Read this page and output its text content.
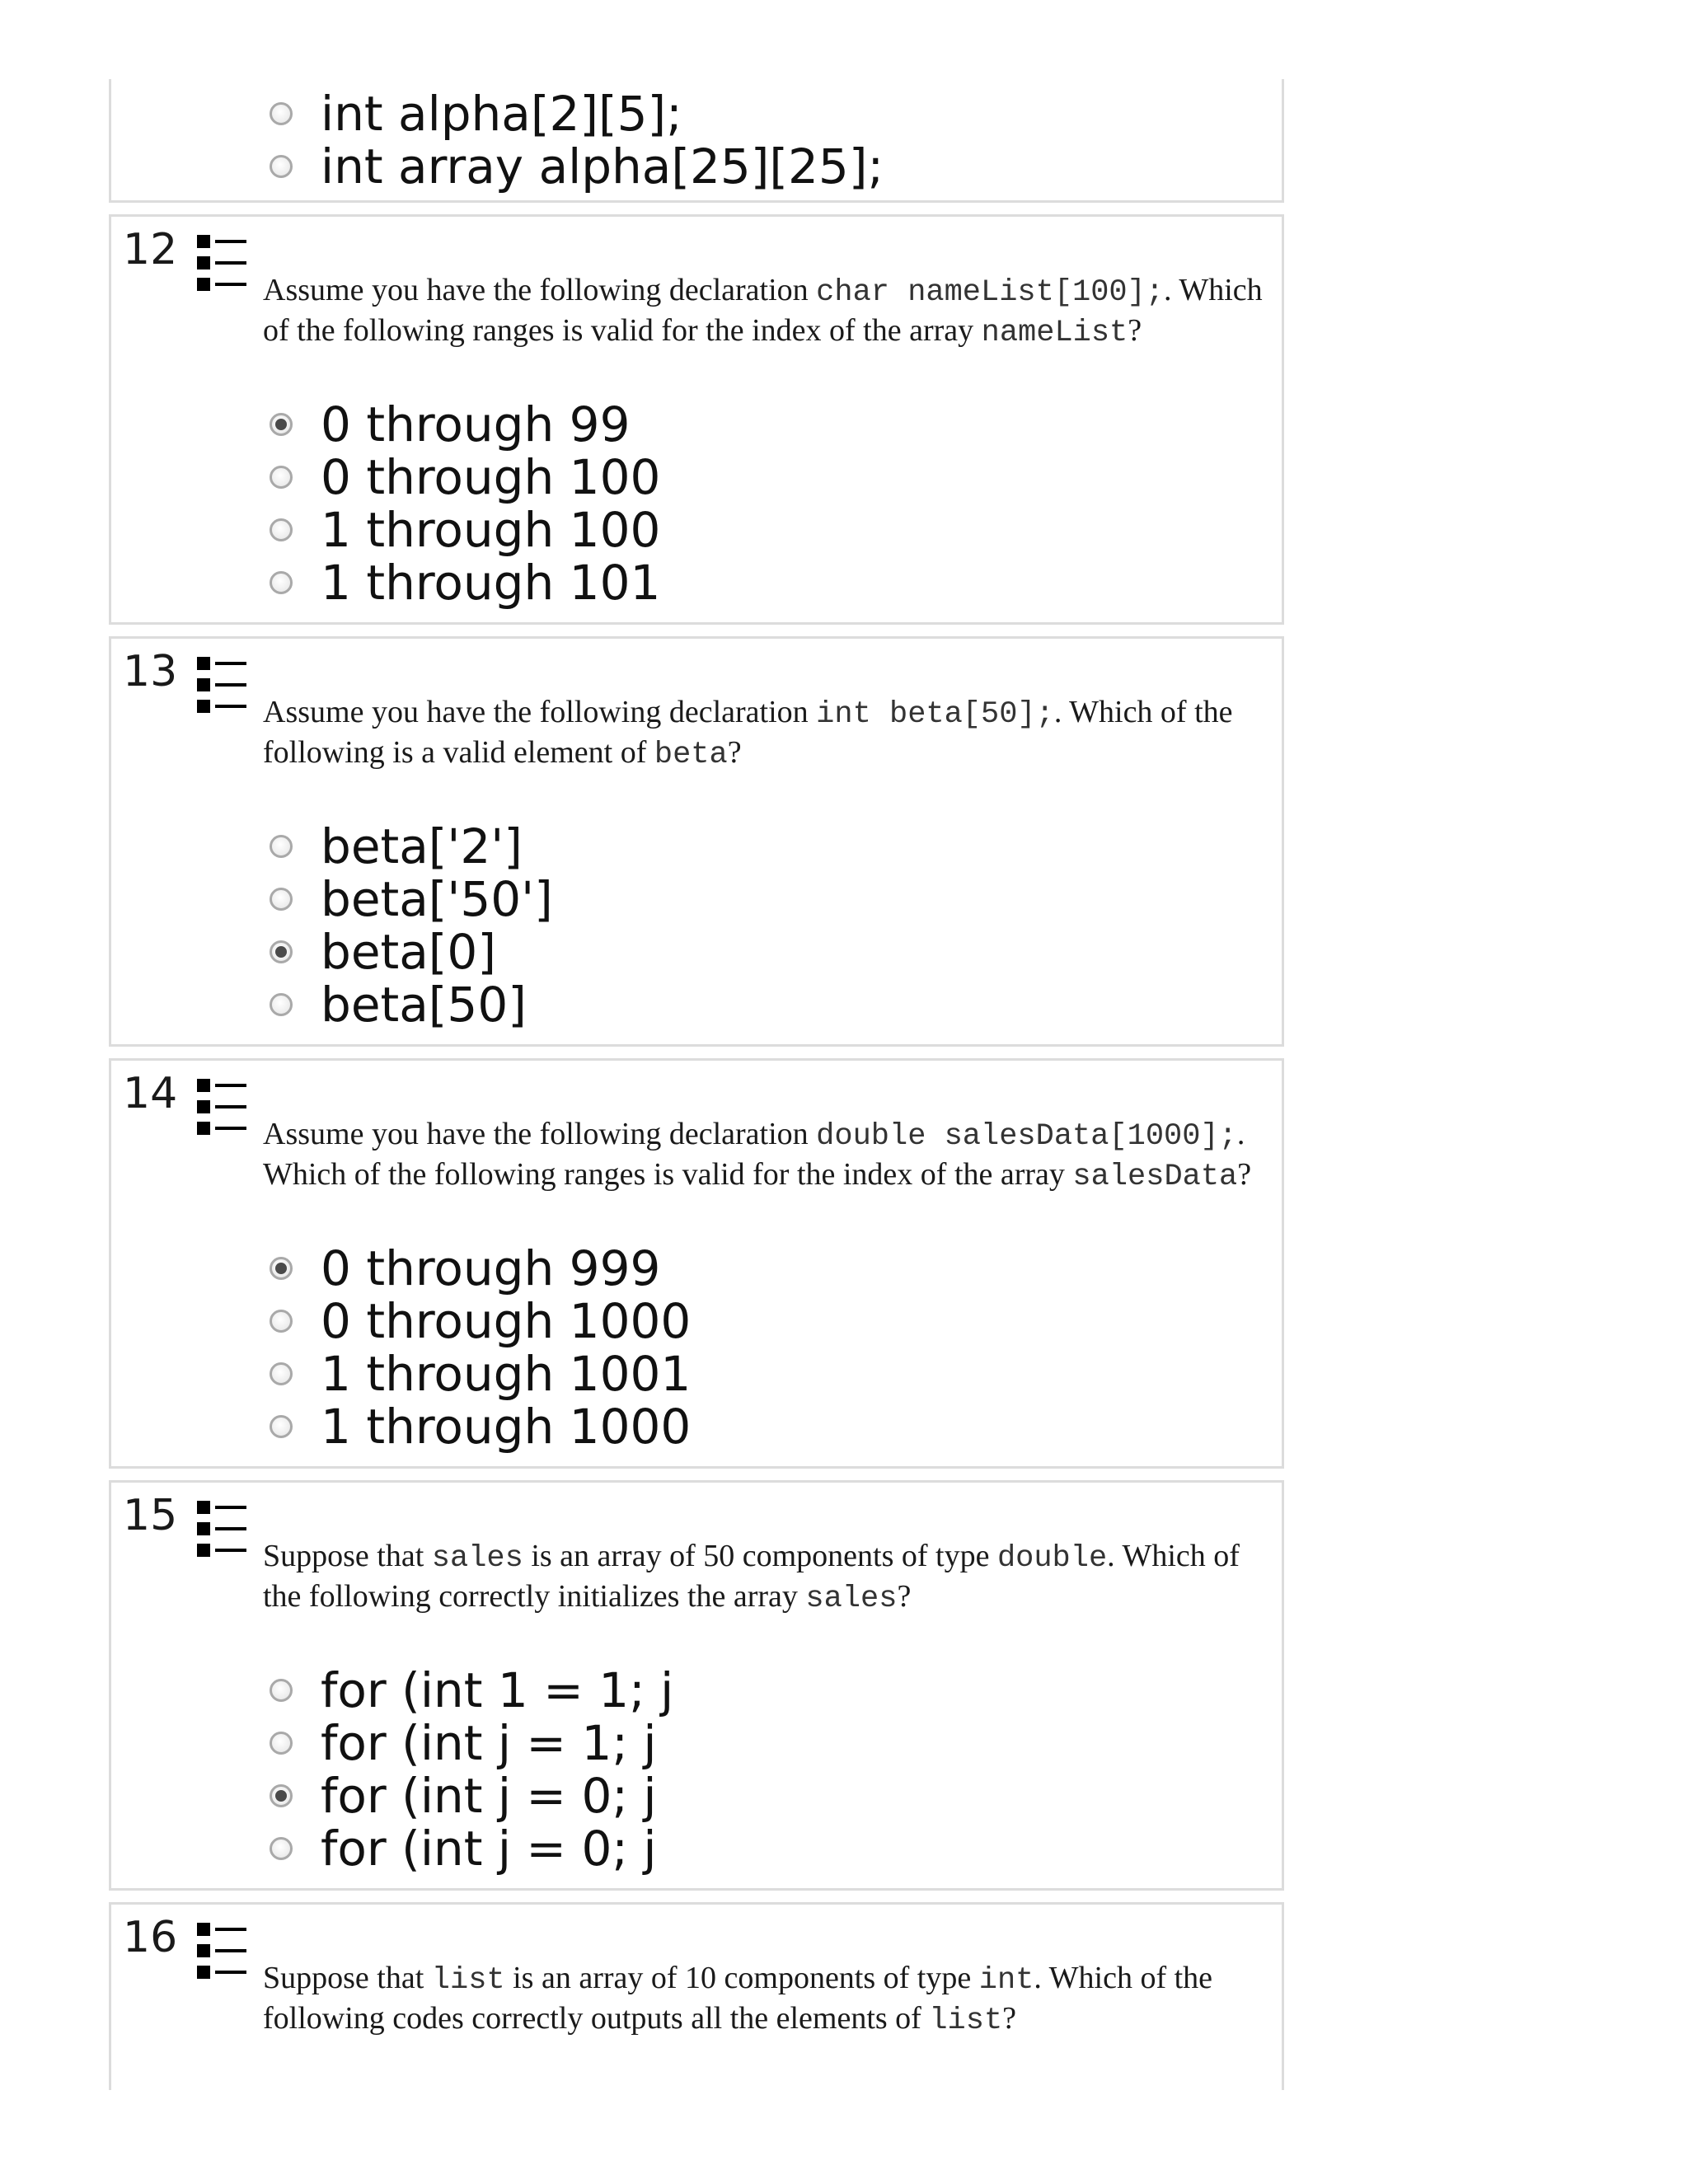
int alpha[2][5];
int array alpha[25][25];
12
Assume you have the following declaration char nameList[100];. Which of the following ranges is valid for the index of the array nameList?
0 through 99
0 through 100
1 through 100
1 through 101
13
Assume you have the following declaration int beta[50];. Which of the following is a valid element of beta?
beta['2']
beta['50']
beta[0]
beta[50]
14
Assume you have the following declaration double salesData[1000];. Which of the following ranges is valid for the index of the array salesData?
0 through 999
0 through 1000
1 through 1001
1 through 1000
15
Suppose that sales is an array of 50 components of type double. Which of the following correctly initializes the array sales?
for (int 1 = 1; j
for (int j = 1; j
for (int j = 0; j
for (int j = 0; j
16
Suppose that list is an array of 10 components of type int. Which of the following codes correctly outputs all the elements of list?
